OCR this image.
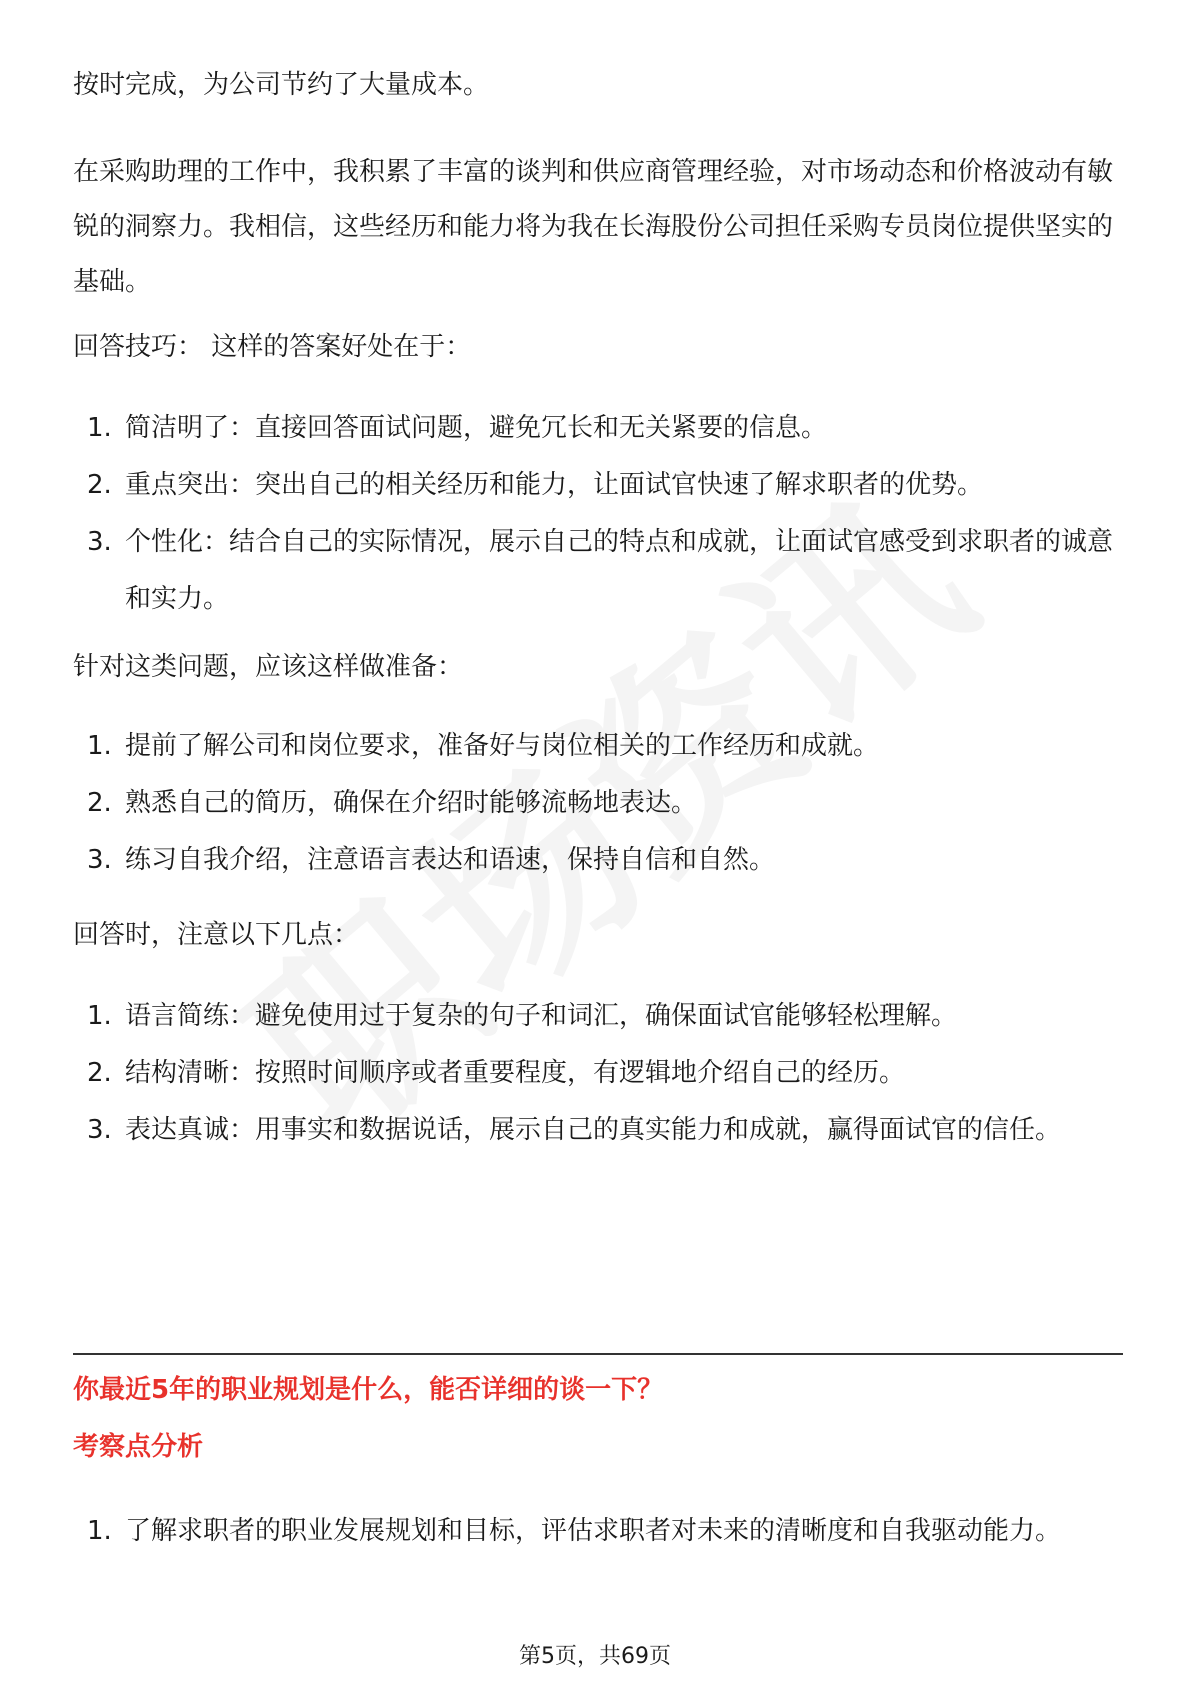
按时完成，为公司节约了大量成本。

在采购助理的工作中，我积累了丰富的谈判和供应商管理经验，对市场动态和价格波动有敏锐的洞察力。我相信，这些经历和能力将为我在长海股份公司担任采购专员岗位提供坚实的基础。

回答技巧： 这样的答案好处在于：

1. 简洁明了：直接回答面试问题，避免冗长和无关紧要的信息。
2. 重点突出：突出自己的相关经历和能力，让面试官快速了解求职者的优势。
3. 个性化：结合自己的实际情况，展示自己的特点和成就，让面试官感受到求职者的诚意和实力。

针对这类问题，应该这样做准备：

1. 提前了解公司和岗位要求，准备好与岗位相关的工作经历和成就。
2. 熟悉自己的简历，确保在介绍时能够流畅地表达。
3. 练习自我介绍，注意语言表达和语速，保持自信和自然。

回答时，注意以下几点：

1. 语言简练：避免使用过于复杂的句子和词汇，确保面试官能够轻松理解。
2. 结构清晰：按照时间顺序或者重要程度，有逻辑地介绍自己的经历。
3. 表达真诚：用事实和数据说话，展示自己的真实能力和成就，赢得面试官的信任。

你最近5年的职业规划是什么，能否详细的谈一下？

考察点分析

1. 了解求职者的职业发展规划和目标，评估求职者对未来的清晰度和自我驱动能力。
第5页，共69页
